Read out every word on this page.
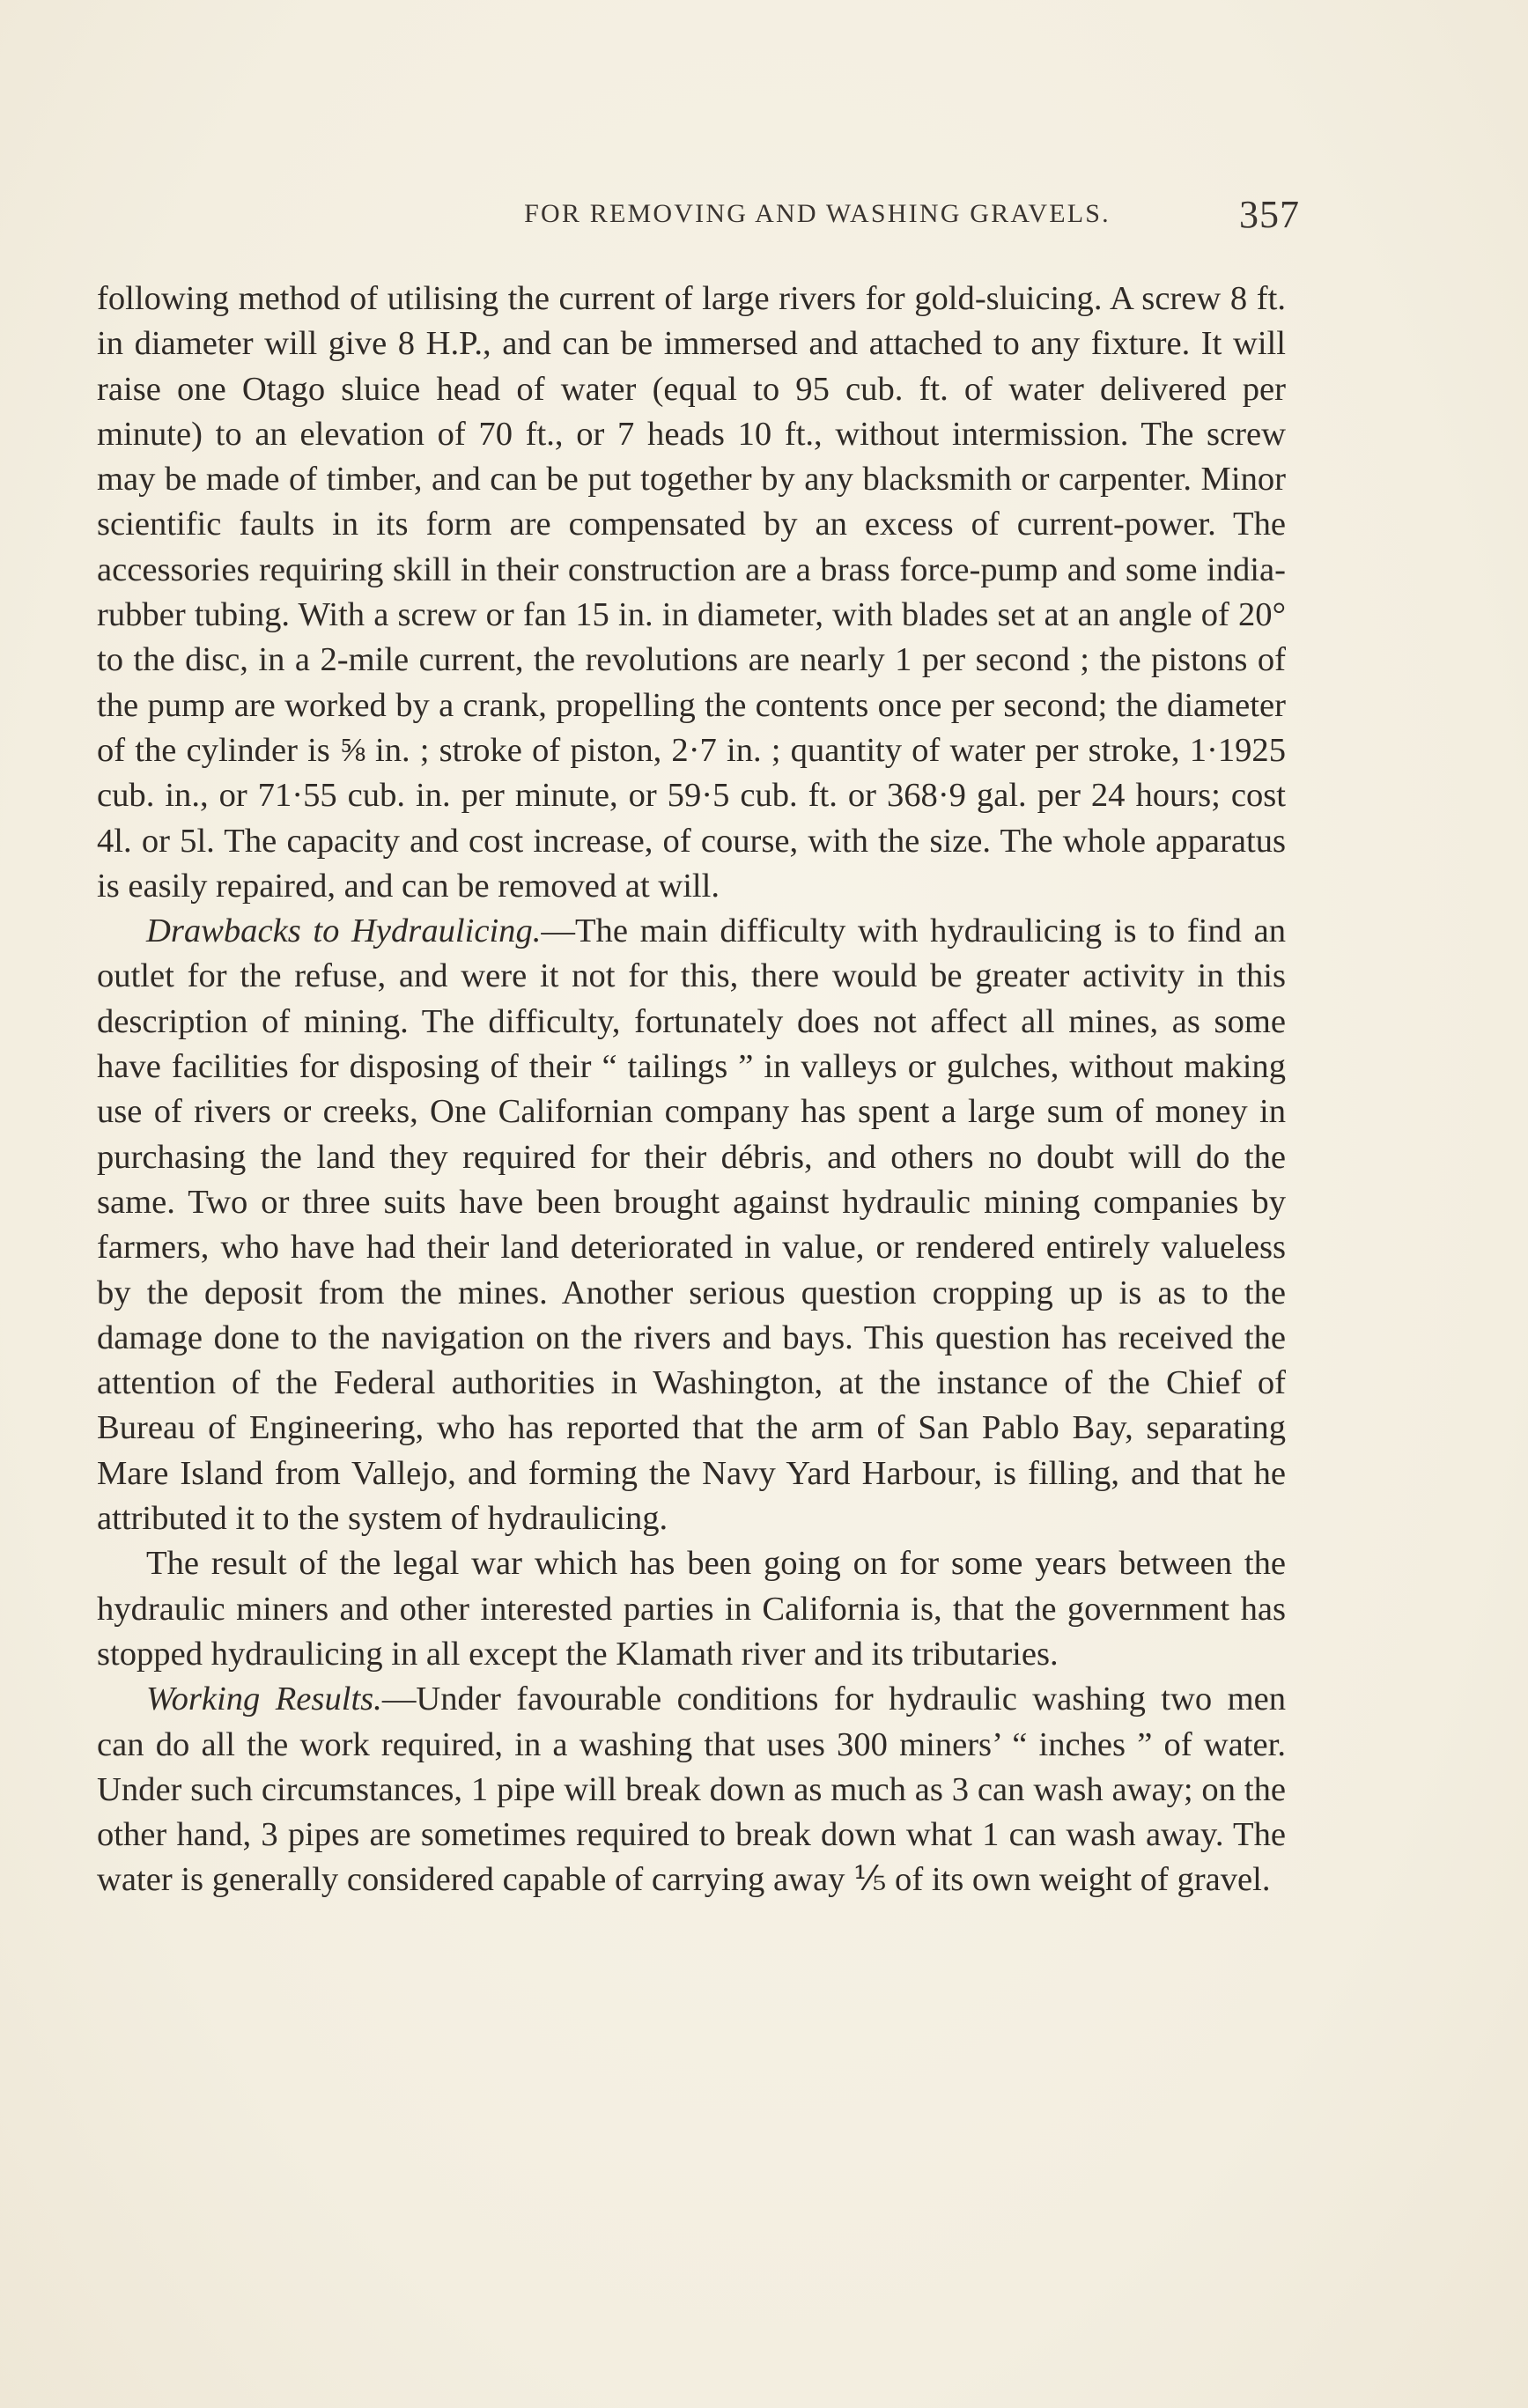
FOR REMOVING AND WASHING GRAVELS.	357

following method of utilising the current of large rivers for gold-sluicing. A screw 8 ft. in diameter will give 8 H.P., and can be immersed and attached to any fixture. It will raise one Otago sluice head of water (equal to 95 cub. ft. of water delivered per minute) to an elevation of 70 ft., or 7 heads 10 ft., without intermission. The screw may be made of timber, and can be put together by any blacksmith or carpenter. Minor scientific faults in its form are compensated by an excess of current-power. The accessories requiring skill in their construction are a brass force-pump and some india-rubber tubing. With a screw or fan 15 in. in diameter, with blades set at an angle of 20° to the disc, in a 2-mile current, the revolutions are nearly 1 per second ; the pistons of the pump are worked by a crank, propelling the contents once per second; the diameter of the cylinder is ⅝ in. ; stroke of piston, 2·7 in. ; quantity of water per stroke, 1·1925 cub. in., or 71·55 cub. in. per minute, or 59·5 cub. ft. or 368·9 gal. per 24 hours; cost 4l. or 5l. The capacity and cost increase, of course, with the size. The whole apparatus is easily repaired, and can be removed at will.

Drawbacks to Hydraulicing.—The main difficulty with hydraulicing is to find an outlet for the refuse, and were it not for this, there would be greater activity in this description of mining. The difficulty, fortunately does not affect all mines, as some have facilities for disposing of their “ tailings ” in valleys or gulches, without making use of rivers or creeks, One Californian company has spent a large sum of money in purchasing the land they required for their débris, and others no doubt will do the same. Two or three suits have been brought against hydraulic mining companies by farmers, who have had their land deteriorated in value, or rendered entirely valueless by the deposit from the mines. Another serious question cropping up is as to the damage done to the navigation on the rivers and bays. This question has received the attention of the Federal authorities in Washington, at the instance of the Chief of Bureau of Engineering, who has reported that the arm of San Pablo Bay, separating Mare Island from Vallejo, and forming the Navy Yard Harbour, is filling, and that he attributed it to the system of hydraulicing.

The result of the legal war which has been going on for some years between the hydraulic miners and other interested parties in California is, that the government has stopped hydraulicing in all except the Klamath river and its tributaries.

Working Results.—Under favourable conditions for hydraulic washing two men can do all the work required, in a washing that uses 300 miners’ “ inches ” of water. Under such circumstances, 1 pipe will break down as much as 3 can wash away; on the other hand, 3 pipes are sometimes required to break down what 1 can wash away. The water is generally considered capable of carrying away ⅕ of its own weight of gravel.
